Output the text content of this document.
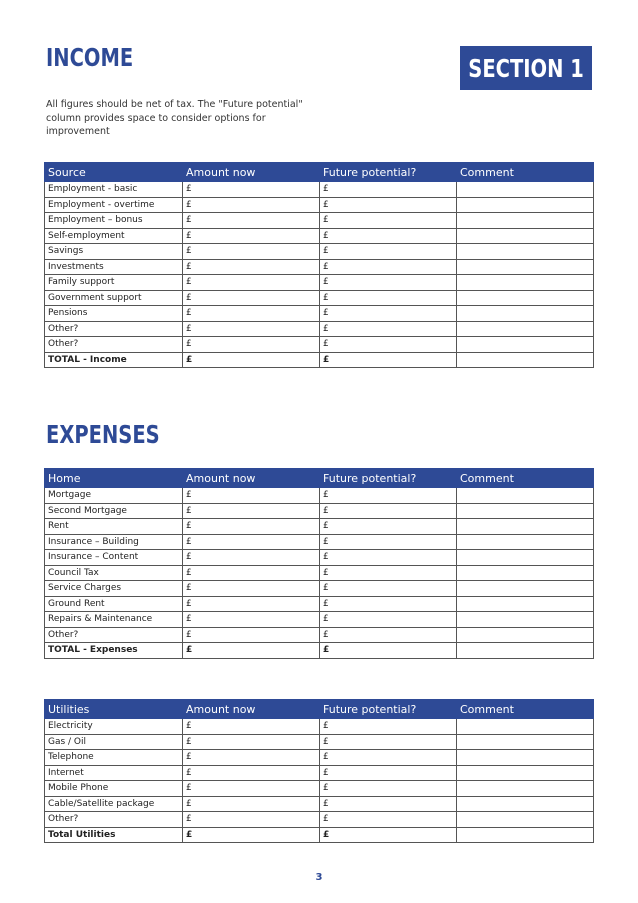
INCOME	SECTION 1

All figures should be net of tax. The "Future potential" column provides space to consider options for improvement

Source	Amount now	Future potential?	Comment
Employment - basic	£	£	
Employment - overtime	£	£	
Employment – bonus	£	£	
Self-employment	£	£	
Savings	£	£	
Investments	£	£	
Family support	£	£	
Government support	£	£	
Pensions	£	£	
Other?	£	£	
Other?	£	£	
TOTAL - Income	£	£	
EXPENSES
Home	Amount now	Future potential?	Comment
Mortgage	£	£	
Second Mortgage	£	£	
Rent	£	£	
Insurance – Building	£	£	
Insurance – Content	£	£	
Council Tax	£	£	
Service Charges	£	£	
Ground Rent	£	£	
Repairs & Maintenance	£	£	
Other?	£	£	
TOTAL - Expenses	£	£	
Utilities	Amount now	Future potential?	Comment
Electricity	£	£	
Gas / Oil	£	£	
Telephone	£	£	
Internet	£	£	
Mobile Phone	£	£	
Cable/Satellite package	£	£	
Other?	£	£	
Total Utilities	£	£	
3
